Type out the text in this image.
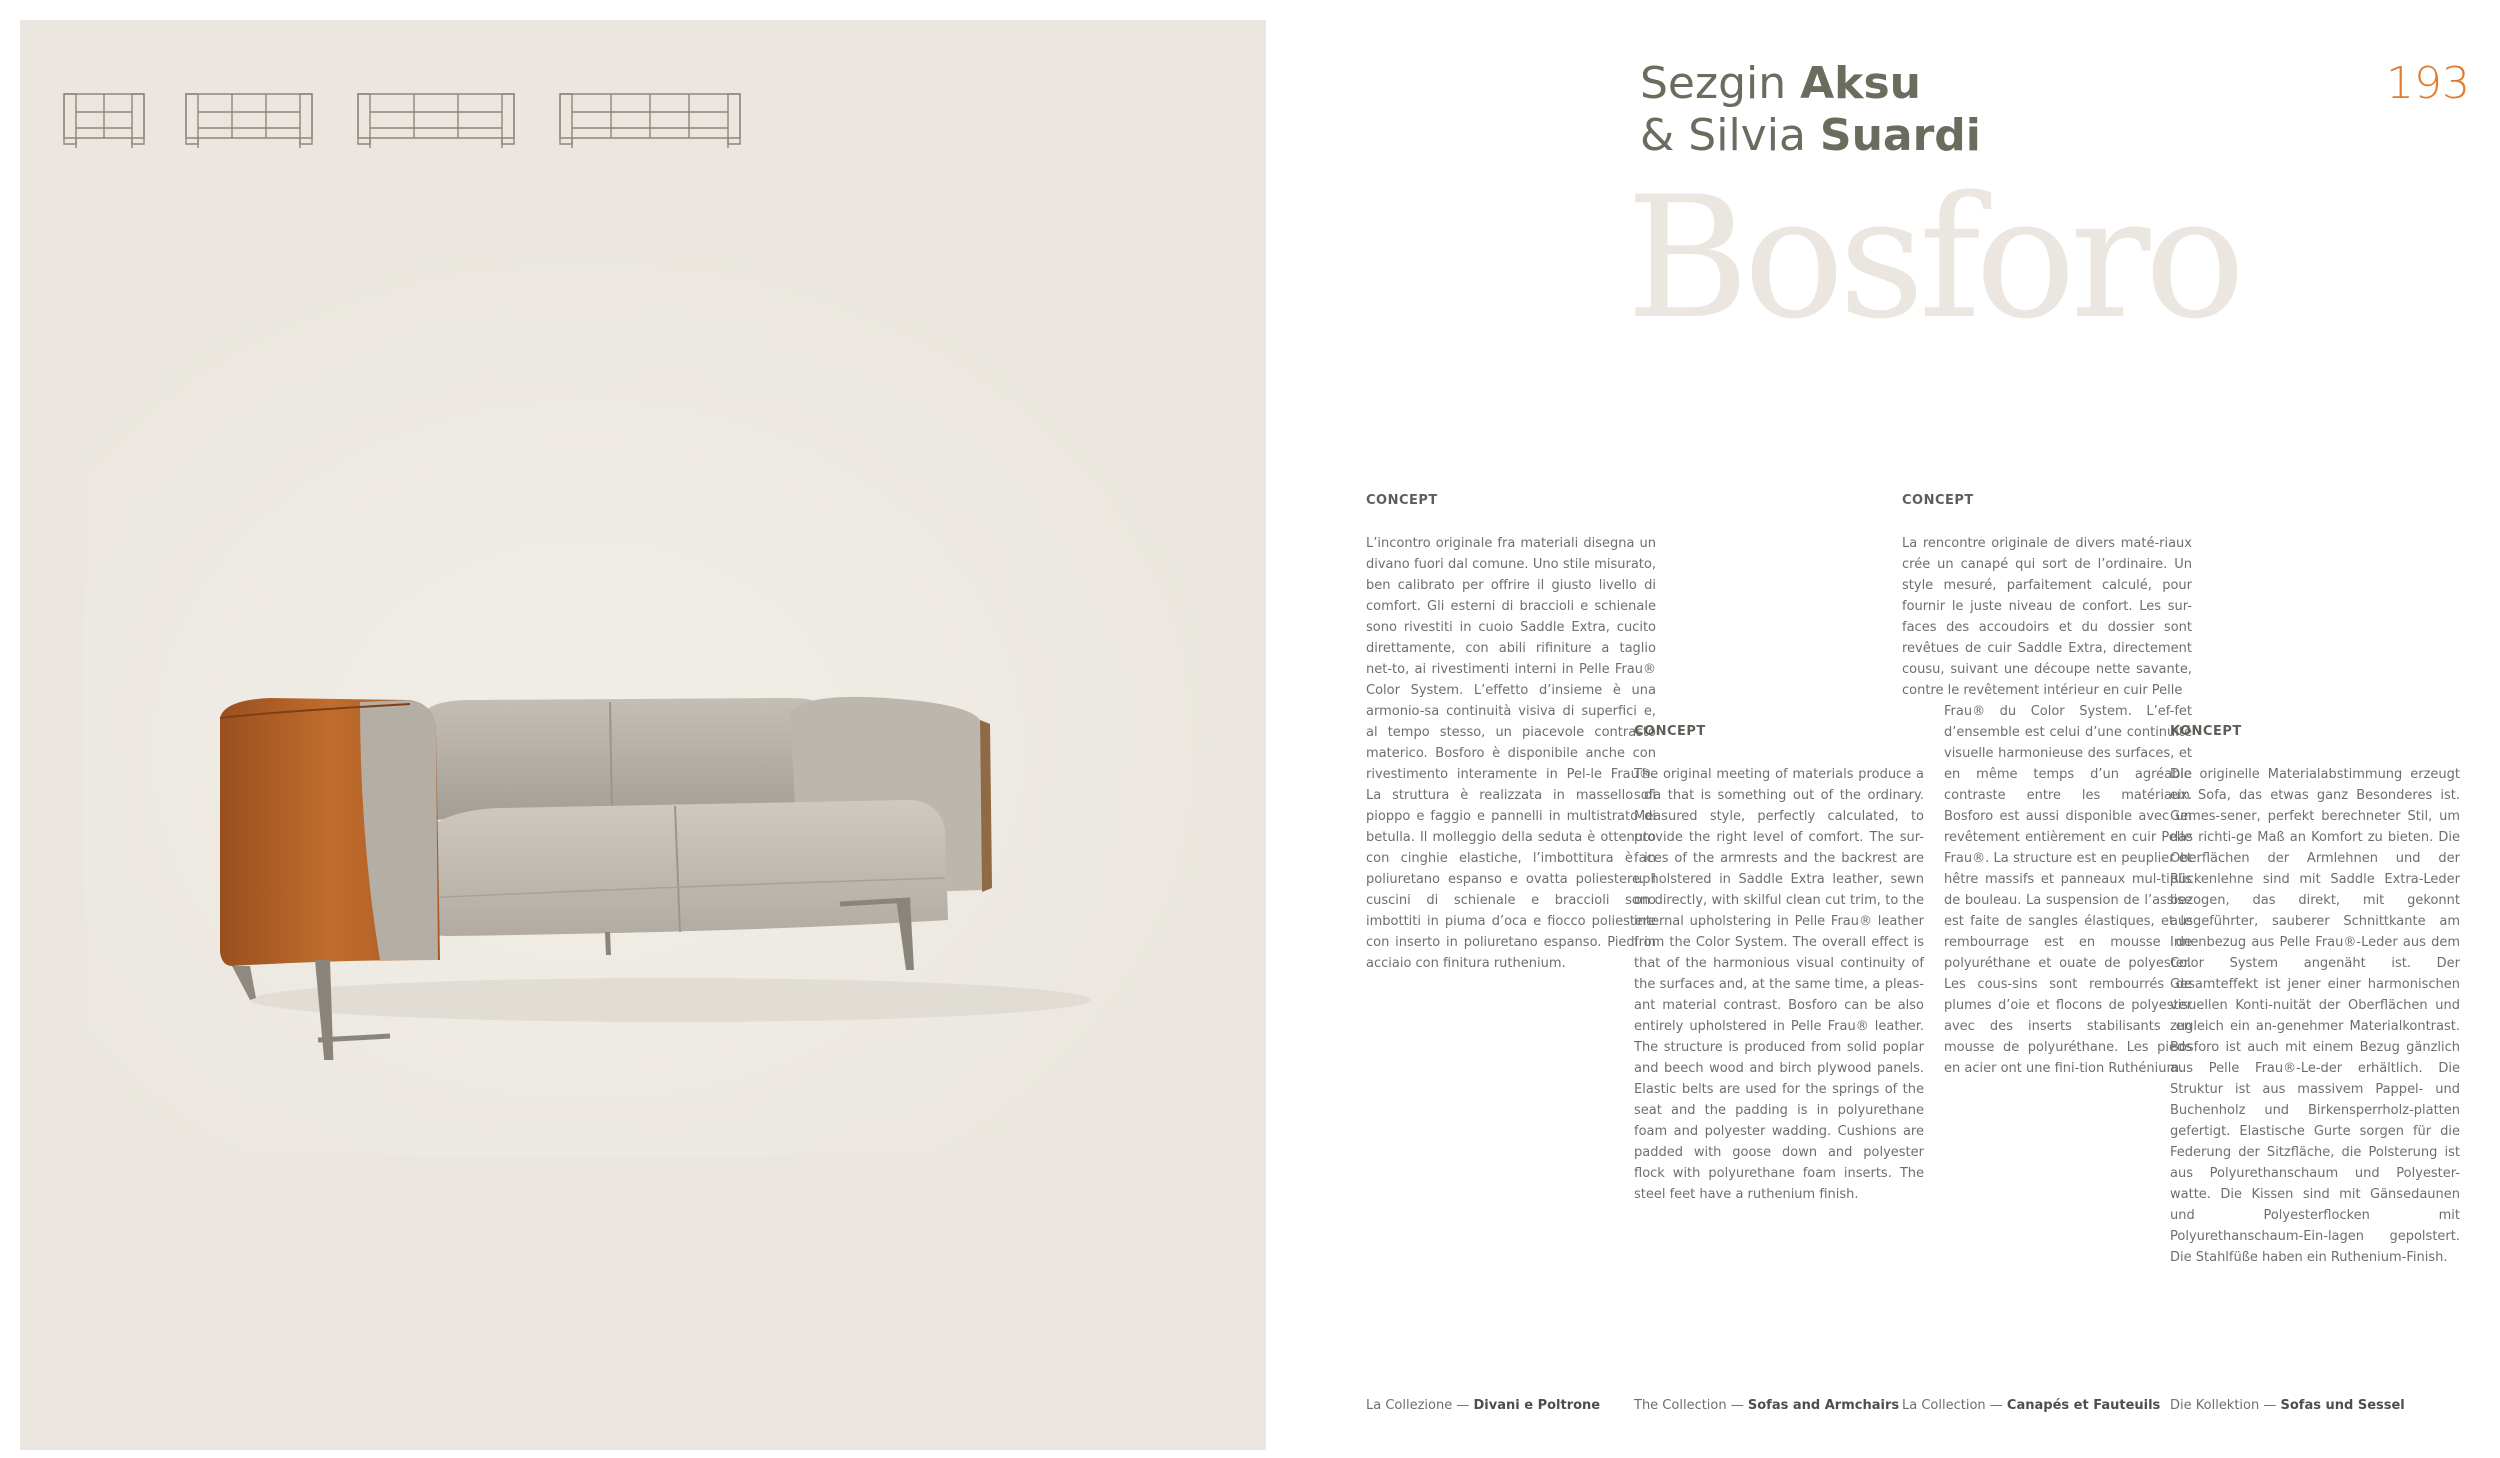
193
Sezgin Aksu
& Silvia Suardi
Bosforo
CONCEPT
L’incontro originale fra materiali disegna un divano fuori dal comune. Uno stile misurato, ben calibrato per offrire il giusto livello di comfort. Gli esterni di braccioli e schienale sono rivestiti in cuoio Saddle Extra, cucito direttamente, con abili rifiniture a taglio net-to, ai rivestimenti interni in Pelle Frau® Color System. L’effetto d’insieme è una armonio-sa continuità visiva di superfici e, al tempo stesso, un piacevole contrasto materico. Bosforo è disponibile anche con rivestimento interamente in Pel-le Frau®. La struttura è realizzata in massello di pioppo e faggio e pannelli in multistrato di betulla. Il molleggio della seduta è ottenuto con cinghie elastiche, l’imbottitura è in poliuretano espanso e ovatta poliestere. I cuscini di schienale e braccioli sono imbottiti in piuma d’oca e fiocco poliestere con inserto in poliuretano espanso. Piedi in acciaio con finitura ruthenium.
CONCEPT
The original meeting of materials produce a sofa that is something out of the ordinary. Measured style, perfectly calculated, to provide the right level of comfort. The sur-faces of the armrests and the backrest are upholstered in Saddle Extra leather, sewn on directly, with skilful clean cut trim, to the internal upholstering in Pelle Frau® leather from the Color System. The overall effect is that of the harmonious visual continuity of the surfaces and, at the same time, a pleas-ant material contrast. Bosforo can be also entirely upholstered in Pelle Frau® leather. The structure is produced from solid poplar and beech wood and birch plywood panels. Elastic belts are used for the springs of the seat and the padding is in polyurethane foam and polyester wadding. Cushions are padded with goose down and polyester flock with polyurethane foam inserts. The steel feet have a ruthenium finish.
CONCEPT
La rencontre originale de divers maté-riaux crée un canapé qui sort de l’ordinaire. Un style mesuré, parfaitement calculé, pour fournir le juste niveau de confort. Les sur-faces des accoudoirs et du dossier sont revêtues de cuir Saddle Extra, directement cousu, suivant une découpe nette savante, contre le revêtement intérieur en cuir Pelle
Frau® du Color System. L’ef-fet d’ensemble est celui d’une continuité visuelle harmonieuse des surfaces, et en même temps d’un agréable contraste entre les matériaux. Bosforo est aussi disponible avec un revêtement entièrement en cuir Pelle Frau®. La structure est en peuplier et hêtre massifs et panneaux mul-tiplis de bouleau. La suspension de l’assise est faite de sangles élastiques, et le rembourrage est en mousse de polyuréthane et ouate de polyester. Les cous-sins sont rembourrés de plumes d’oie et flocons de polyester avec des inserts stabilisants en mousse de polyuréthane. Les pieds en acier ont une fini-tion Ruthénium.
KONCEPT
Die originelle Materialabstimmung erzeugt ein Sofa, das etwas ganz Besonderes ist. Gemes-sener, perfekt berechneter Stil, um das richti-ge Maß an Komfort zu bieten. Die Oberflächen der Armlehnen und der Rückenlehne sind mit Saddle Extra-Leder bezogen, das direkt, mit gekonnt ausgeführter, sauberer Schnittkante am Innenbezug aus Pelle Frau®-Leder aus dem Color System angenäht ist. Der Gesamteffekt ist jener einer harmonischen visuellen Konti-nuität der Oberflächen und zugleich ein an-genehmer Materialkontrast. Bosforo ist auch mit einem Bezug gänzlich aus Pelle Frau®-Le-der erhältlich. Die Struktur ist aus massivem Pappel- und Buchenholz und Birkensperrholz-platten gefertigt. Elastische Gurte sorgen für die Federung der Sitzfläche, die Polsterung ist aus Polyurethanschaum und Polyester-watte. Die Kissen sind mit Gänsedaunen und Polyesterflocken mit Polyurethanschaum-Ein-lagen gepolstert. Die Stahlfüße haben ein Ruthenium-Finish.
La Collezione — Divani e Poltrone	The Collection — Sofas and Armchairs La Collection — Canapés et Fauteuils Die Kollektion — Sofas und Sessel
